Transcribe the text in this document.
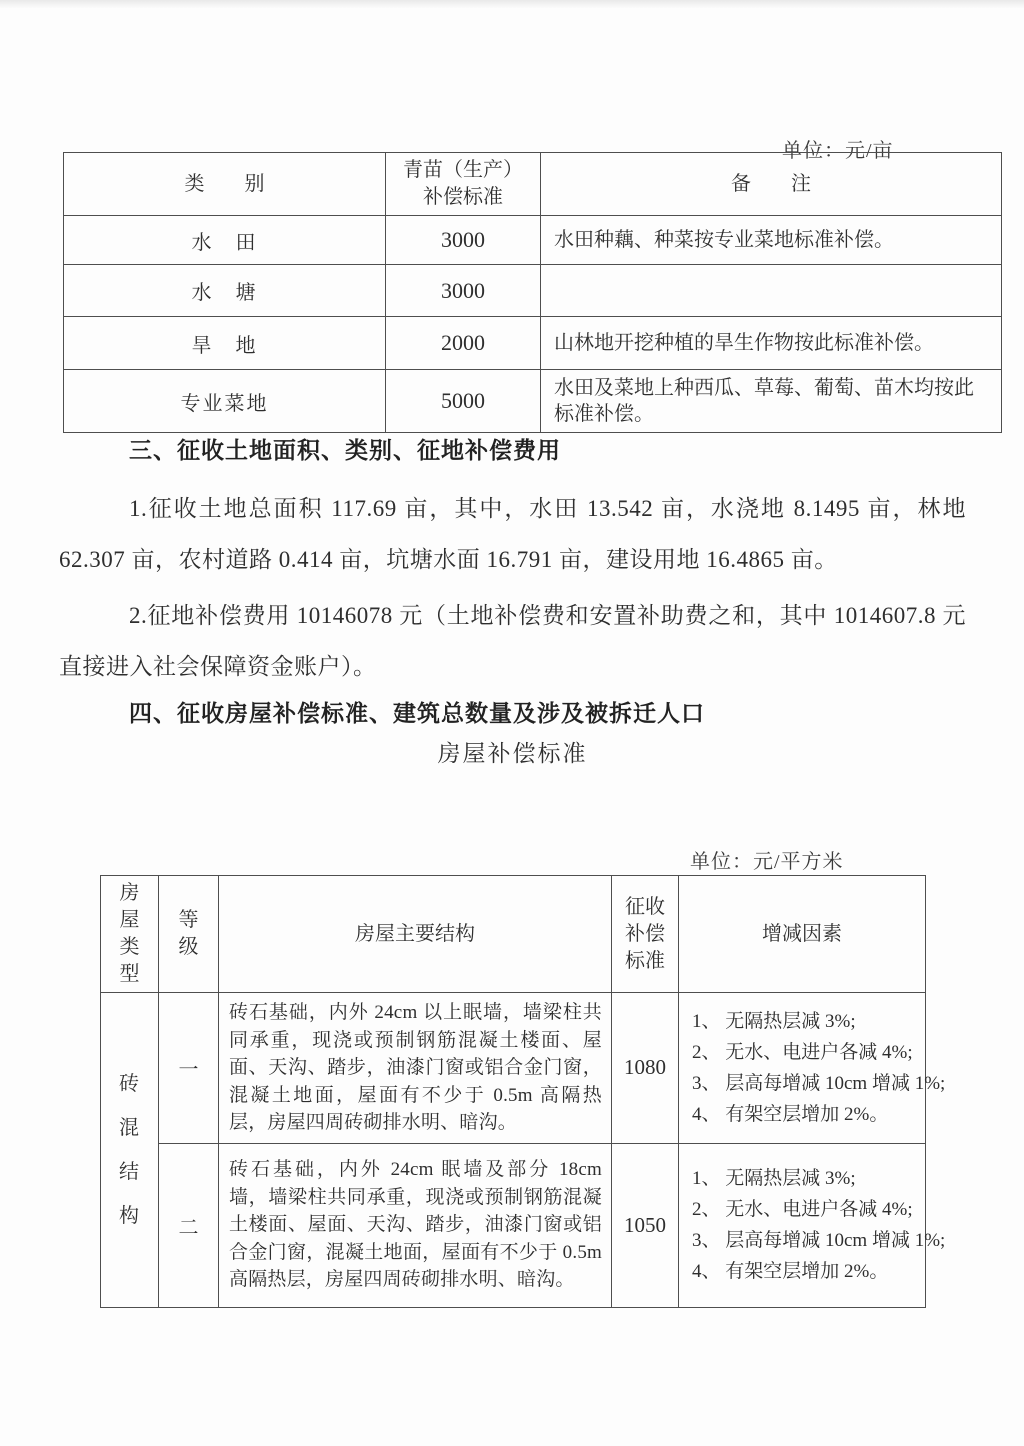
单位：元/亩
类　　别	青苗（生产）补偿标准	备　　注
水　田	3000	水田种藕、种菜按专业菜地标准补偿。
水　塘	3000	
旱　地	2000	山林地开挖种植的旱生作物按此标准补偿。
专业菜地	5000	水田及菜地上种西瓜、草莓、葡萄、苗木均按此标准补偿。
三、征收土地面积、类别、征地补偿费用

1.征收土地总面积 117.69 亩，其中，水田 13.542 亩，水浇地 8.1495 亩，林地 62.307 亩，农村道路 0.414 亩，坑塘水面 16.791 亩，建设用地 16.4865 亩。

2.征地补偿费用 10146078 元（土地补偿费和安置补助费之和，其中 1014607.8 元直接进入社会保障资金账户）。

四、征收房屋补偿标准、建筑总数量及涉及被拆迁人口
房屋补偿标准
单位：元/平方米
房屋类型	等级	房屋主要结构	征收补偿标准	增减因素

砖混结构	一	砖石基础，内外 24cm 以上眠墙，墙梁柱共同承重，现浇或预制钢筋混凝土楼面、屋面、天沟、踏步，油漆门窗或铝合金门窗，混凝土地面，屋面有不少于 0.5m 高隔热层，房屋四周砖砌排水明、暗沟。	1080	1、 无隔热层减 3%;
2、 无水、电进户各减 4%;
3、 层高每增减 10cm 增减 1%;
4、 有架空层增加 2%。

	二	砖石基础，内外 24cm 眠墙及部分 18cm 墙，墙梁柱共同承重，现浇或预制钢筋混凝土楼面、屋面、天沟、踏步，油漆门窗或铝合金门窗，混凝土地面，屋面有不少于 0.5m 高隔热层，房屋四周砖砌排水明、暗沟。	1050	1、 无隔热层减 3%;
2、 无水、电进户各减 4%;
3、 层高每增减 10cm 增减 1%;
4、 有架空层增加 2%。
